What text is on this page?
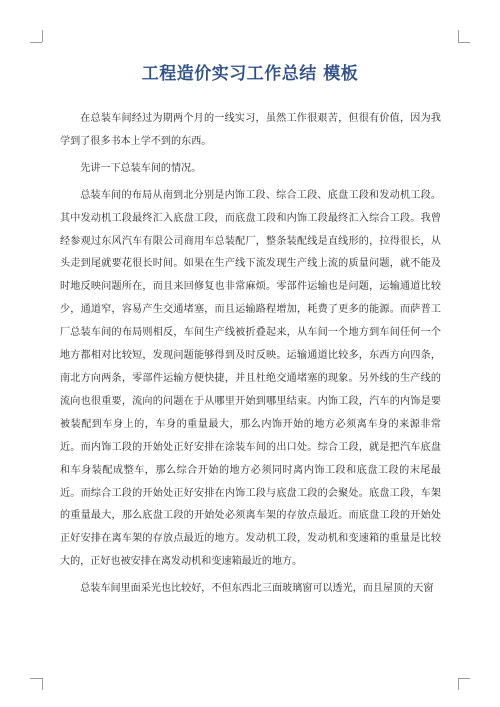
工程造价实习工作总结 模板

在总装车间经过为期两个月的一线实习，虽然工作很艰苦，但很有价值，因为我学到了很多书本上学不到的东西。

先讲一下总装车间的情况。

总装车间的布局从南到北分别是内饰工段、综合工段、底盘工段和发动机工段。其中发动机工段最终汇入底盘工段，而底盘工段和内饰工段最终汇入综合工段。我曾经参观过东风汽车有限公司商用车总装配厂，整条装配线是直线形的，拉得很长，从头走到尾就要花很长时间。如果在生产线下流发现生产线上流的质量问题，就不能及时地反映问题所在，而且来回修复也非常麻烦。零部件运输也是问题，运输通道比较少，通道窄，容易产生交通堵塞，而且运输路程增加，耗费了更多的能源。而萨普工厂总装车间的布局则相反，车间生产线被折叠起来，从车间一个地方到车间任何一个地方都相对比较短，发现问题能够得到及时反映。运输通道比较多，东西方向四条，南北方向两条，零部件运输方便快捷，并且杜绝交通堵塞的现象。另外线的生产线的流向也很重要，流向的问题在于从哪里开始到哪里结束。内饰工段，汽车的内饰是要被装配到车身上的，车身的重量最大，那么内饰开始的地方必须离车身的来源非常近。而内饰工段的开始处正好安排在涂装车间的出口处。综合工段，就是把汽车底盘和车身装配成整车，那么综合开始的地方必须同时离内饰工段和底盘工段的末尾最近。而综合工段的开始处正好安排在内饰工段与底盘工段的会聚处。底盘工段，车架的重量最大，那么底盘工段的开始处必须离车架的存放点最近。而底盘工段的开始处正好安排在离车架的存放点最近的地方。发动机工段，发动机和变速箱的重量是比较大的，正好也被安排在离发动机和变速箱最近的地方。

总装车间里面采光也比较好，不但东西北三面玻璃窗可以透光，而且屋顶的天窗
